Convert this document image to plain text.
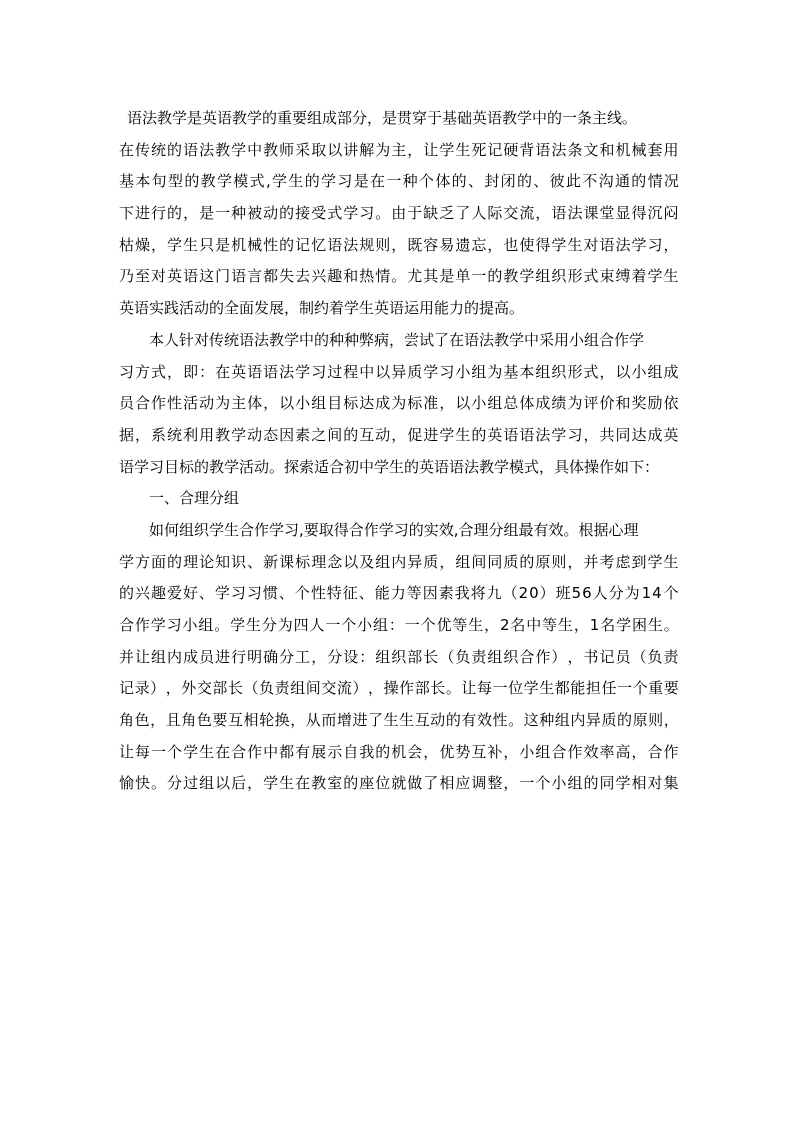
语法教学是英语教学的重要组成部分，是贯穿于基础英语教学中的一条主线。
在 传 统 的 语 法 教 学 中 教 师 采 取 以 讲 解 为 主 ， 让 学 生 死 记 硬 背 语 法 条 文 和 机 械 套 用
基 本 句 型 的 教 学 模 式 , 学 生 的 学 习 是 在 一 种 个 体 的 、 封 闭 的 、 彼 此 不 沟 通 的 情 况
下 进 行 的 ， 是 一 种 被 动 的 接 受 式 学 习 。 由 于 缺 乏 了 人 际 交 流 ， 语 法 课 堂 显 得 沉 闷
枯 燥 ， 学 生 只 是 机 械 性 的 记 忆 语 法 规 则 ， 既 容 易 遗 忘 ， 也 使 得 学 生 对 语 法 学 习 ，
乃 至 对 英 语 这 门 语 言 都 失 去 兴 趣 和 热 情 。 尤 其 是 单 一 的 教 学 组 织 形 式 束 缚 着 学 生
英语实践活动的全面发展，制约着学生英语运用能力的提高。
本人针对传统语法教学中的种种弊病，尝试了在语法教学中采用小组合作学
习 方 式 ， 即 ： 在 英 语 语 法 学 习 过 程 中 以 异 质 学 习 小 组 为 基 本 组 织 形 式 ， 以 小 组 成
员 合 作 性 活 动 为 主 体 ， 以 小 组 目 标 达 成 为 标 准 ， 以 小 组 总 体 成 绩 为 评 价 和 奖 励 依
据 ， 系 统 利 用 教 学 动 态 因 素 之 间 的 互 动 ， 促 进 学 生 的 英 语 语 法 学 习 ， 共 同 达 成 英
语学习目标的教学活动。探索适合初中学生的英语语法教学模式，具体操作如下：
一、合理分组
如何组织学生合作学习,要取得合作学习的实效,合理分组最有效。根据心理
学 方 面 的 理 论 知 识 、 新 课 标 理 念 以 及 组 内 异 质 ， 组 间 同 质 的 原 则 ， 并 考 虑 到 学 生
的 兴 趣 爱 好 、 学 习 习 惯 、 个 性 特 征 、 能 力 等 因 素 我 将 九 （ 2 0 ） 班 5 6 人 分 为 1 4 个
合 作 学 习 小 组 。 学 生 分 为 四 人 一 个 小 组 ： 一 个 优 等 生 ， 2 名 中 等 生 ， 1 名 学 困 生 。
并 让 组 内 成 员 进 行 明 确 分 工 ， 分 设 ： 组 织 部 长 （ 负 责 组 织 合 作 ） ， 书 记 员 （ 负 责
记 录 ） ， 外 交 部 长 （ 负 责 组 间 交 流 ） ， 操 作 部 长 。 让 每 一 位 学 生 都 能 担 任 一 个 重 要
角 色 ， 且 角 色 要 互 相 轮 换 ， 从 而 增 进 了 生 生 互 动 的 有 效 性 。 这 种 组 内 异 质 的 原 则 ，
让 每 一 个 学 生 在 合 作 中 都 有 展 示 自 我 的 机 会 ， 优 势 互 补 ， 小 组 合 作 效 率 高 ， 合 作
愉 快 。 分 过 组 以 后 ， 学 生 在 教 室 的 座 位 就 做 了 相 应 调 整 ， 一 个 小 组 的 同 学 相 对 集
